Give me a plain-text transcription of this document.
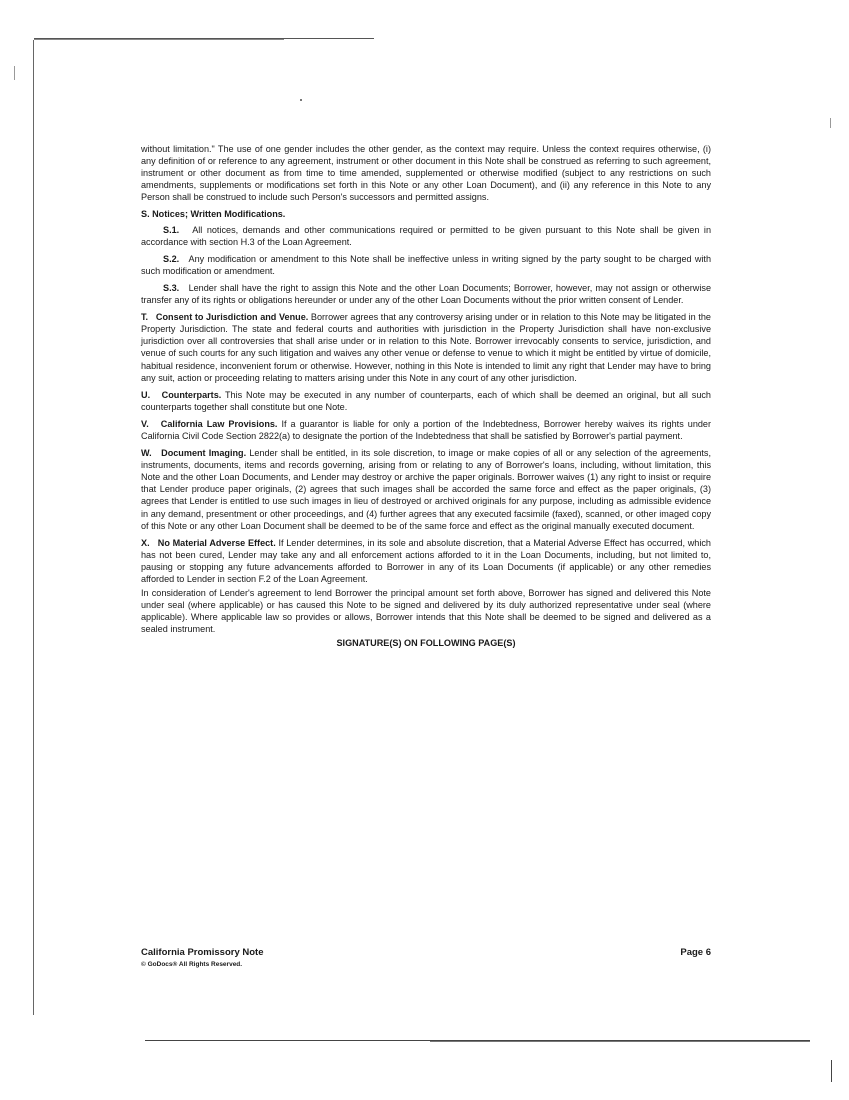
without limitation." The use of one gender includes the other gender, as the context may require. Unless the context requires otherwise, (i) any definition of or reference to any agreement, instrument or other document in this Note shall be construed as referring to such agreement, instrument or other document as from time to time amended, supplemented or otherwise modified (subject to any restrictions on such amendments, supplements or modifications set forth in this Note or any other Loan Document), and (ii) any reference in this Note to any Person shall be construed to include such Person's successors and permitted assigns.

S. Notices; Written Modifications.

S.1. All notices, demands and other communications required or permitted to be given pursuant to this Note shall be given in accordance with section H.3 of the Loan Agreement.

S.2. Any modification or amendment to this Note shall be ineffective unless in writing signed by the party sought to be charged with such modification or amendment.

S.3. Lender shall have the right to assign this Note and the other Loan Documents; Borrower, however, may not assign or otherwise transfer any of its rights or obligations hereunder or under any of the other Loan Documents without the prior written consent of Lender.

T. Consent to Jurisdiction and Venue. Borrower agrees that any controversy arising under or in relation to this Note may be litigated in the Property Jurisdiction. The state and federal courts and authorities with jurisdiction in the Property Jurisdiction shall have non-exclusive jurisdiction over all controversies that shall arise under or in relation to this Note. Borrower irrevocably consents to service, jurisdiction, and venue of such courts for any such litigation and waives any other venue or defense to venue to which it might be entitled by virtue of domicile, habitual residence, inconvenient forum or otherwise. However, nothing in this Note is intended to limit any right that Lender may have to bring any suit, action or proceeding relating to matters arising under this Note in any court of any other jurisdiction.

U. Counterparts. This Note may be executed in any number of counterparts, each of which shall be deemed an original, but all such counterparts together shall constitute but one Note.

V. California Law Provisions. If a guarantor is liable for only a portion of the Indebtedness, Borrower hereby waives its rights under California Civil Code Section 2822(a) to designate the portion of the Indebtedness that shall be satisfied by Borrower's partial payment.

W. Document Imaging. Lender shall be entitled, in its sole discretion, to image or make copies of all or any selection of the agreements, instruments, documents, items and records governing, arising from or relating to any of Borrower's loans, including, without limitation, this Note and the other Loan Documents, and Lender may destroy or archive the paper originals. Borrower waives (1) any right to insist or require that Lender produce paper originals, (2) agrees that such images shall be accorded the same force and effect as the paper originals, (3) agrees that Lender is entitled to use such images in lieu of destroyed or archived originals for any purpose, including as admissible evidence in any demand, presentment or other proceedings, and (4) further agrees that any executed facsimile (faxed), scanned, or other imaged copy of this Note or any other Loan Document shall be deemed to be of the same force and effect as the original manually executed document.

X. No Material Adverse Effect. If Lender determines, in its sole and absolute discretion, that a Material Adverse Effect has occurred, which has not been cured, Lender may take any and all enforcement actions afforded to it in the Loan Documents, including, but not limited to, pausing or stopping any future advancements afforded to Borrower in any of its Loan Documents (if applicable) or any other remedies afforded to Lender in section F.2 of the Loan Agreement.

In consideration of Lender's agreement to lend Borrower the principal amount set forth above, Borrower has signed and delivered this Note under seal (where applicable) or has caused this Note to be signed and delivered by its duly authorized representative under seal (where applicable). Where applicable law so provides or allows, Borrower intends that this Note shall be deemed to be signed and delivered as a sealed instrument.

SIGNATURE(S) ON FOLLOWING PAGE(S)
California Promissory Note
© GoDocs® All Rights Reserved.
Page 6
